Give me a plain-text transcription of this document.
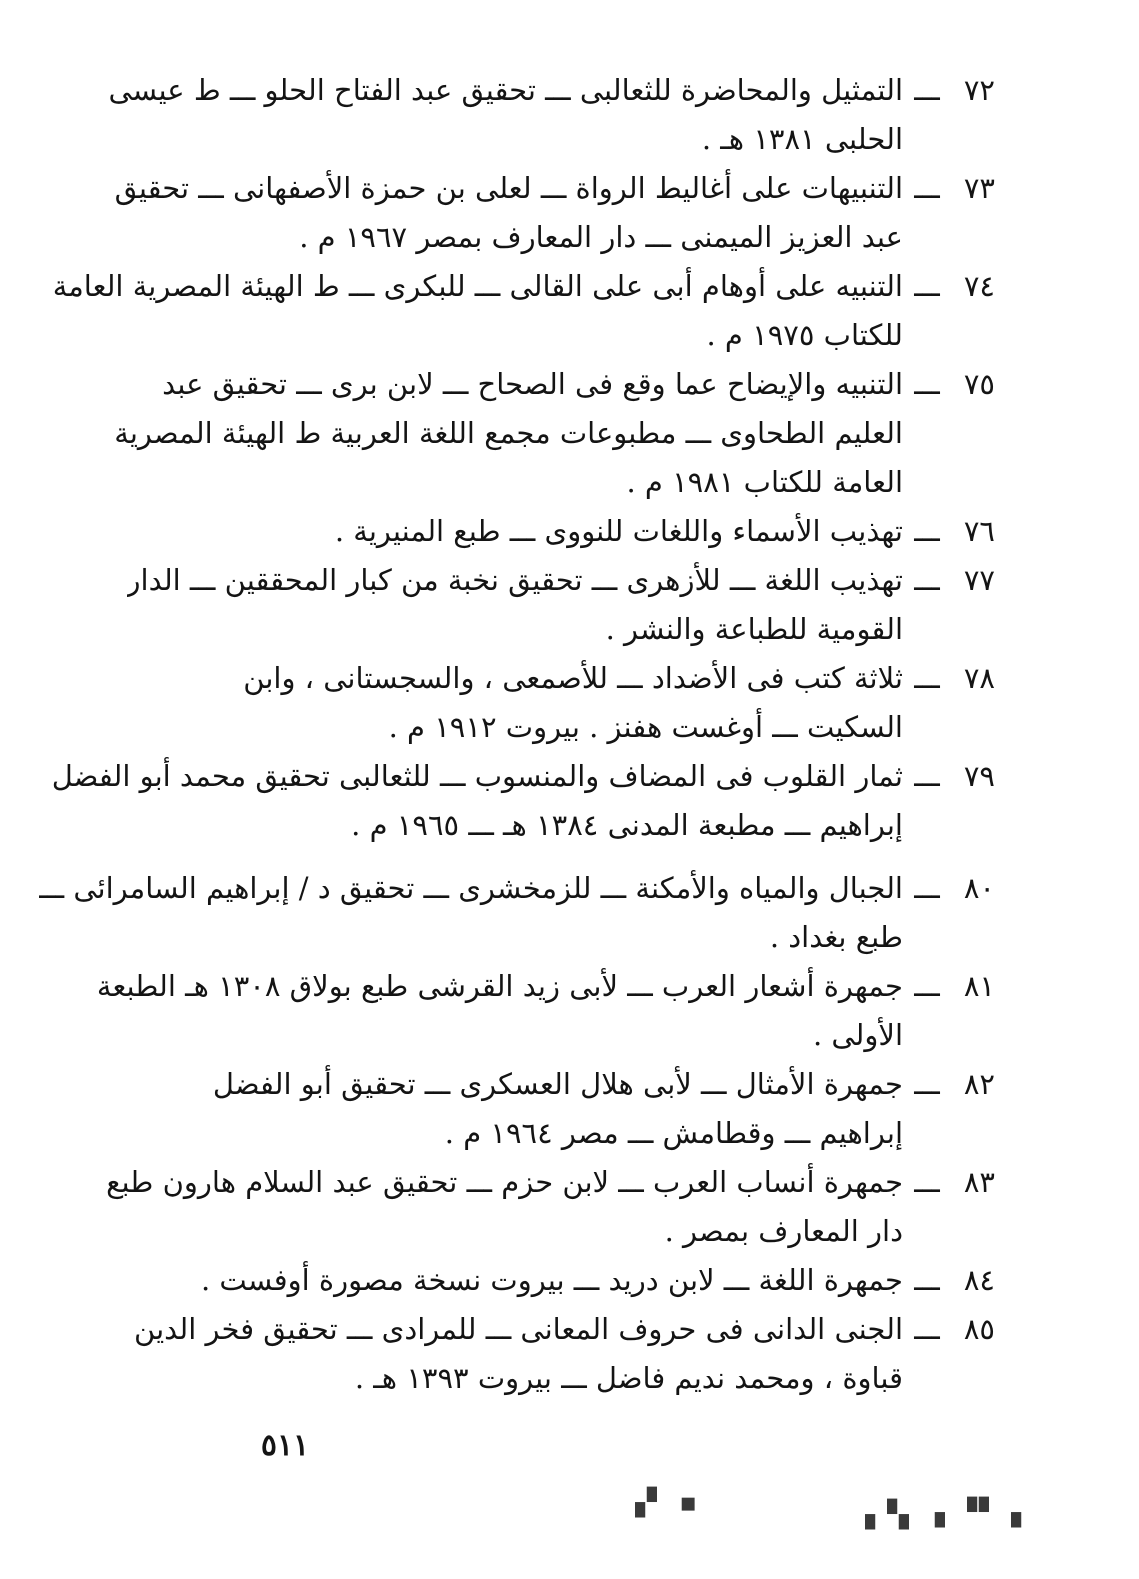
٧٢
ـــ
التمثيل والمحاضرة للثعالبى ـــ تحقيق عبد الفتاح الحلو ـــ ط عيسى
الحلبى ١٣٨١ هـ .
٧٣
ـــ
التنبيهات على أغاليط الرواة ـــ لعلى بن حمزة الأصفهانى ـــ تحقيق
عبد العزيز الميمنى ـــ دار المعارف بمصر ١٩٦٧ م .
٧٤
ـــ
التنبيه على أوهام أبى على القالى ـــ للبكرى ـــ ط الهيئة المصرية العامة
للكتاب ١٩٧٥ م .
٧٥
ـــ
التنبيه والإيضاح عما وقع فى الصحاح ـــ لابن برى ـــ تحقيق عبد
العليم الطحاوى ـــ مطبوعات مجمع اللغة العربية ط الهيئة المصرية
العامة للكتاب ١٩٨١ م .
٧٦
ـــ
تهذيب الأسماء واللغات للنووى ـــ طبع المنيرية .
٧٧
ـــ
تهذيب اللغة ـــ للأزهرى ـــ تحقيق نخبة من كبار المحققين ـــ الدار
القومية للطباعة والنشر .
٧٨
ـــ
ثلاثة كتب فى الأضداد ـــ للأصمعى ، والسجستانى ، وابن
السكيت ـــ أوغست هفنز . بيروت ١٩١٢ م .
٧٩
ـــ
ثمار القلوب فى المضاف والمنسوب ـــ للثعالبى تحقيق محمد أبو الفضل
إبراهيم ـــ مطبعة المدنى ١٣٨٤ هـ ـــ ١٩٦٥ م .
٨٠
ـــ
الجبال والمياه والأمكنة ـــ للزمخشرى ـــ تحقيق د / إبراهيم السامرائى ـــ
طبع بغداد .
٨١
ـــ
جمهرة أشعار العرب ـــ لأبى زيد القرشى طبع بولاق ١٣٠٨ هـ الطبعة
الأولى .
٨٢
ـــ
جمهرة الأمثال ـــ لأبى هلال العسكرى ـــ تحقيق أبو الفضل
إبراهيم ـــ وقطامش ـــ مصر ١٩٦٤ م .
٨٣
ـــ
جمهرة أنساب العرب ـــ لابن حزم ـــ تحقيق عبد السلام هارون طبع
دار المعارف بمصر .
٨٤
ـــ
جمهرة اللغة ـــ لابن دريد ـــ بيروت نسخة مصورة أوفست .
٨٥
ـــ
الجنى الدانى فى حروف المعانى ـــ للمرادى ـــ تحقيق فخر الدين
قباوة ، ومحمد نديم فاضل ـــ بيروت ١٣٩٣ هـ .
٥١١
▪ ▘▗	▖▝▗ ▗▘▝▖
